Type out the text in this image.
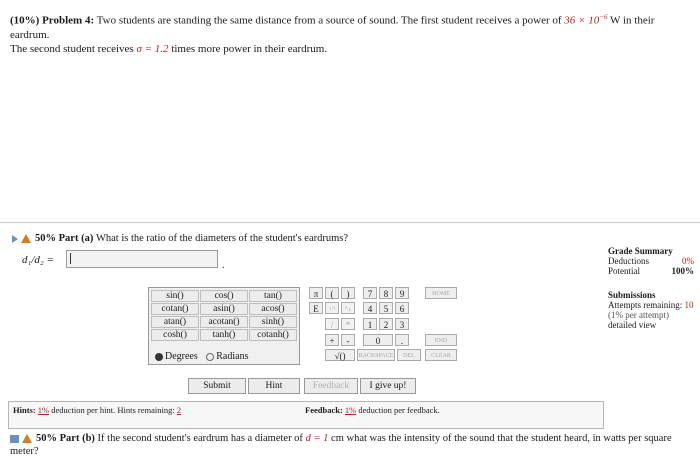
(10%) Problem 4: Two students are standing the same distance from a source of sound. The first student receives a power of $36 \times 10^{-6}$ W in their eardrum.
The second student receives σ = 1.2 times more power in their eardrum.
50% Part (a) What is the ratio of the diameters of the student's eardrums?
d₁/d₂ =	.
sin()	cos()	tan()
cotan()	asin()	acos()
atan()	acotan()	sinh()
cosh()	tanh()	cotanh()
Degrees Radians
π	(	)
E	↑^	^↓
/	*
+	-
√()
7	8	9
4	5	6
1	2	3
0	.
BACKSPACE	DEL
HOME
END
CLEAR
Submit	Hint	Feedback	I give up!
Hints: 1% deduction per hint. Hints remaining: 2	Feedback: 1% deduction per feedback.
Grade Summary
Deductions	0%
Potential	100%
Submissions
Attempts remaining: 10
(1% per attempt)
detailed view
50% Part (b) If the second student's eardrum has a diameter of d = 1 cm what was the intensity of the sound that the student heard, in watts per square meter?
